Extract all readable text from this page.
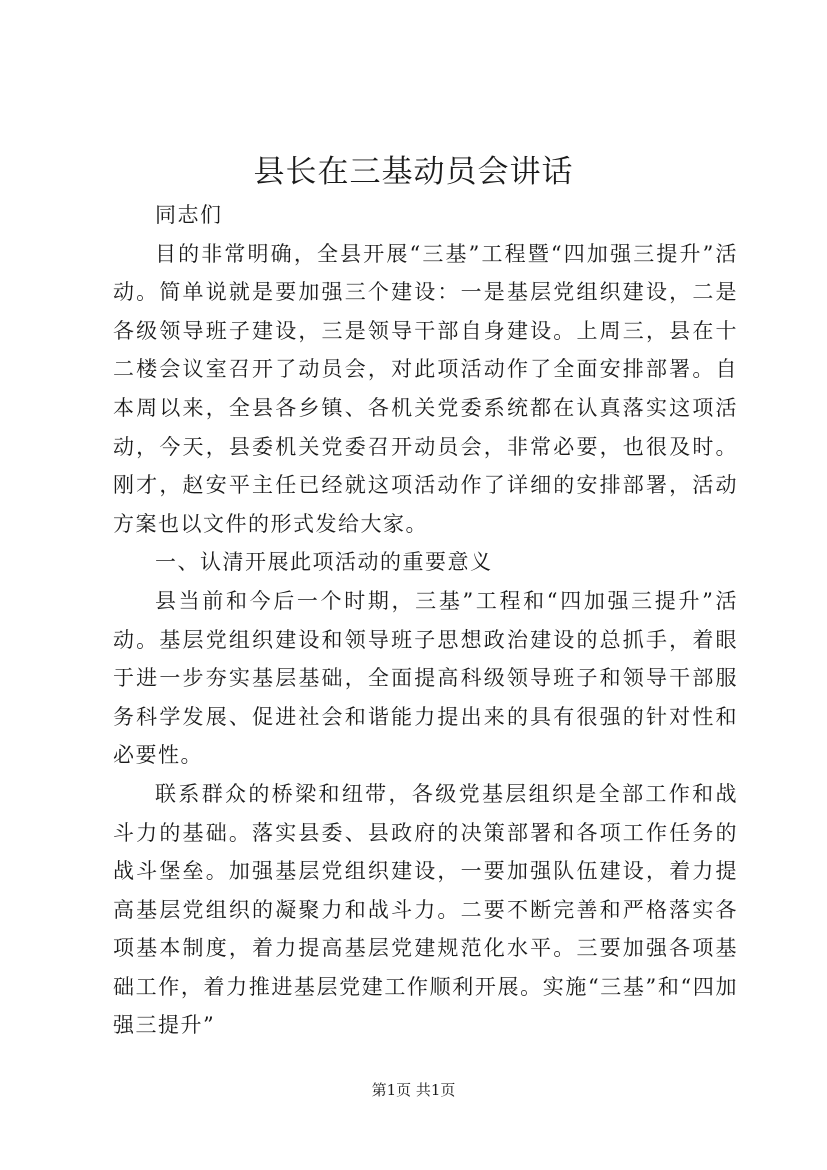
县长在三基动员会讲话

同志们

目的非常明确，全县开展“三基”工程暨“四加强三提升”活动。简单说就是要加强三个建设：一是基层党组织建设，二是各级领导班子建设，三是领导干部自身建设。上周三，县在十二楼会议室召开了动员会，对此项活动作了全面安排部署。自本周以来，全县各乡镇、各机关党委系统都在认真落实这项活动，今天，县委机关党委召开动员会，非常必要，也很及时。刚才，赵安平主任已经就这项活动作了详细的安排部署，活动方案也以文件的形式发给大家。

一、认清开展此项活动的重要意义

县当前和今后一个时期，三基”工程和“四加强三提升”活动。基层党组织建设和领导班子思想政治建设的总抓手，着眼于进一步夯实基层基础，全面提高科级领导班子和领导干部服务科学发展、促进社会和谐能力提出来的具有很强的针对性和必要性。

联系群众的桥梁和纽带，各级党基层组织是全部工作和战斗力的基础。落实县委、县政府的决策部署和各项工作任务的战斗堡垒。加强基层党组织建设，一要加强队伍建设，着力提高基层党组织的凝聚力和战斗力。二要不断完善和严格落实各项基本制度，着力提高基层党建规范化水平。三要加强各项基础工作，着力推进基层党建工作顺利开展。实施“三基”和“四加强三提升”

第1页 共1页
